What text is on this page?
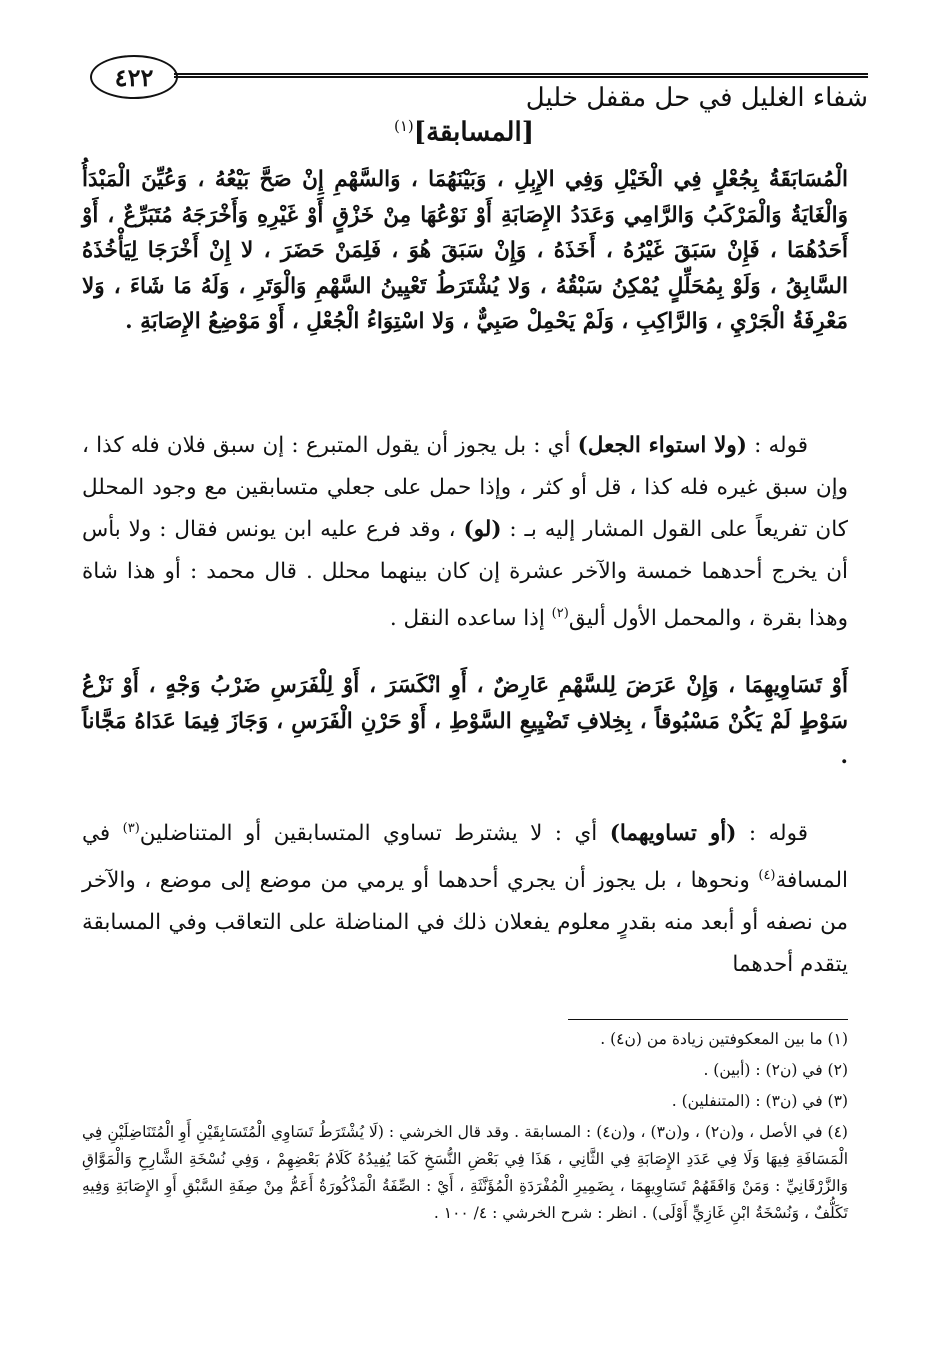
٤٢٢
شفاء الغليل في حل مقفل خليل
[المسابقة]$^{(١)}$

الْمُسَابَقَةُ بِجُعْلٍ فِي الْخَيْلِ وَفِي الإِبِلِ ، وَبَيْنَهُمَا ، وَالسَّهْمِ إِنْ صَحَّ بَيْعُهُ ، وَعُيِّنَ الْمَبْدَأُ وَالْغَايَةُ وَالْمَرْكَبُ وَالرَّامِي وَعَدَدُ الإِصَابَةِ أَوْ نَوْعُهَا مِنْ خَزْقٍ أَوْ غَيْرِهِ وَأَخْرَجَهُ مُتَبَرِّعٌ ، أَوْ أَحَدُهُمَا ، فَإِنْ سَبَقَ غَيْرُهُ ، أَخَذَهُ ، وَإِنْ سَبَقَ هُوَ ، فَلِمَنْ حَضَرَ ، لا إِنْ أَخْرَجَا لِيَأْخُذَهُ السَّابِقُ ، وَلَوْ بِمُحَلِّلٍ يُمْكِنُ سَبْقُهُ ، وَلا يُشْتَرَطُ تَعْيِينُ السَّهْمِ وَالْوَتَرِ ، وَلَهُ مَا شَاءَ ، وَلا مَعْرِفَةُ الْجَرْيِ ، وَالرَّاكِبِ ، وَلَمْ يَحْمِلْ صَبِيٌّ ، وَلا اسْتِوَاءُ الْجُعْلِ ، أَوْ مَوْضِعُ الإِصَابَةِ .

قوله : (ولا استواء الجعل) أي : بل يجوز أن يقول المتبرع : إن سبق فلان فله كذا ، وإن سبق غيره فله كذا ، قل أو كثر ، وإذا حمل على جعلي متسابقين مع وجود المحلل كان تفريعاً على القول المشار إليه بـ : (لو) ، وقد فرع عليه ابن يونس فقال : ولا بأس أن يخرج أحدهما خمسة والآخر عشرة إن كان بينهما محلل . قال محمد : أو هذا شاة وهذا بقرة ، والمحمل الأول أليق$^{(٢)}$ إذا ساعده النقل .

أَوْ تَسَاوِيهِمَا ، وَإِنْ عَرَضَ لِلسَّهْمِ عَارِضٌ ، أَوِ انْكَسَرَ ، أَوْ لِلْفَرَسِ ضَرْبُ وَجْهٍ ، أَوْ نَزْعُ سَوْطٍ لَمْ يَكُنْ مَسْبُوقاً ، بِخِلافِ تَضْيِيعِ السَّوْطِ ، أَوْ حَرْنِ الْفَرَسِ ، وَجَازَ فِيمَا عَدَاهُ مَجَّاناً .

قوله : (أو تساويهما) أي : لا يشترط تساوي المتسابقين أو المتناضلين$^{(٣)}$ في المسافة$^{(٤)}$ ونحوها ، بل يجوز أن يجري أحدهما أو يرمي من موضع إلى موضع ، والآخر من نصفه أو أبعد منه بقدرٍ معلوم يفعلان ذلك في المناضلة على التعاقب وفي المسابقة يتقدم أحدهما

(١) ما بين المعكوفتين زيادة من (ن٤) .

(٢) في (ن٢) : (أبين) .

(٣) في (ن٣) : (المتنفلين) .

(٤) في الأصل ، و(ن٢) ، و(ن٣) ، و(ن٤) : المسابقة . وقد قال الخرشي : (لَا يُشْتَرَطُ تَسَاوِي الْمُتَسَابِقَيْنِ أَوِ الْمُتَنَاضِلَيْنِ فِي الْمَسَافَةِ فِيهَا وَلَا فِي عَدَدِ الإِصَابَةِ فِي الثَّانِي ، هَذَا فِي بَعْضِ النُّسَخِ كَمَا يُفِيدُهُ كَلَامُ بَعْضِهِمْ ، وَفِي نُسْخَةِ الشَّارِحِ وَالْمَوَّاقِ وَالزَّرْقَانِيِّ : وَمَنْ وَافَقَهُمْ تَسَاوِيهِمَا ، بِضَمِيرِ الْمُفْرَدَةِ الْمُؤَنَّثَةِ ، أَيْ : الصِّفَةُ الْمَذْكُورَةُ أَعَمُّ مِنْ صِفَةِ السَّبْقِ أَوِ الإِصَابَةِ وَفِيهِ تَكَلُّفٌ ، وَنُسْخَةُ ابْنِ غَازِيٍّ أَوْلَى) . انظر : شرح الخرشي : ٤/ ١٠٠ .
